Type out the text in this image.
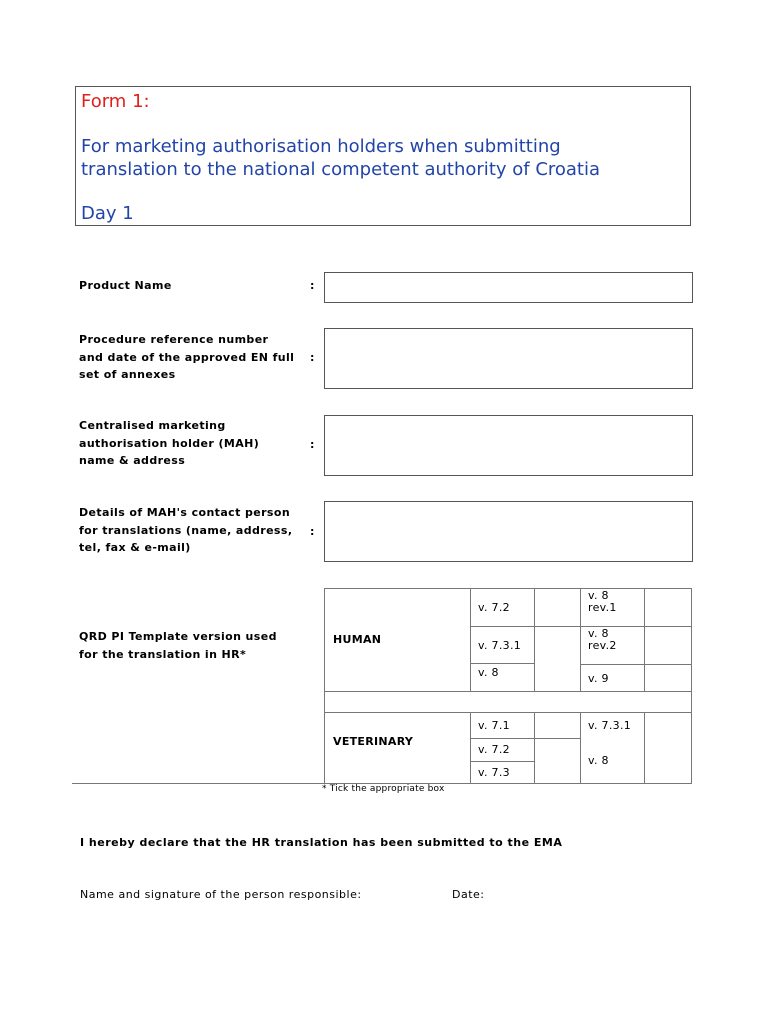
Form 1:
For marketing authorisation holders when submitting
translation to the national competent authority of Croatia
Day 1
Product Name	:
Procedure reference number
and date of the approved EN full
set of annexes
:
Centralised marketing
authorisation holder (MAH)
name & address
:
Details of MAH's contact person
for translations (name, address,
tel, fax & e-mail)
:
QRD PI Template version used
for the translation in HR*
HUMAN
v. 7.2
v. 7.3.1
v. 8
v. 8
rev.1
v. 8
rev.2
v. 9
VETERINARY
v. 7.1
v. 7.2
v. 7.3
v. 7.3.1
v. 8
* Tick the appropriate box
I hereby declare that the HR translation has been submitted to the EMA
Name and signature of the person responsible:	Date:
